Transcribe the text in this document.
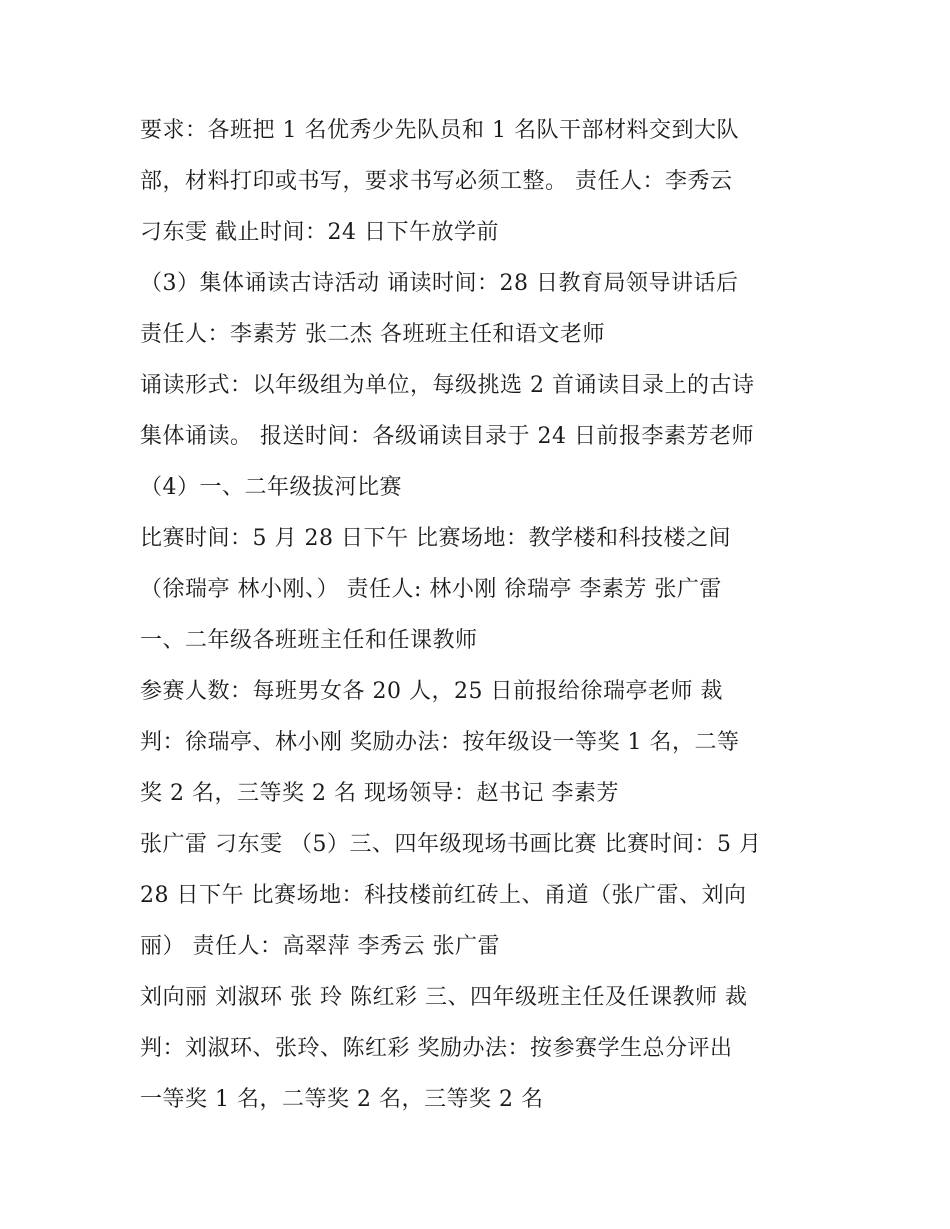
要求：各班把 1 名优秀少先队员和 1 名队干部材料交到大队
部，材料打印或书写，要求书写必须工整。 责任人：李秀云
刁东雯 截止时间：24 日下午放学前
（3）集体诵读古诗活动 诵读时间：28 日教育局领导讲话后
责任人：李素芳 张二杰 各班班主任和语文老师
诵读形式：以年级组为单位，每级挑选 2 首诵读目录上的古诗
集体诵读。 报送时间：各级诵读目录于 24 日前报李素芳老师
（4）一、二年级拔河比赛
比赛时间：5 月 28 日下午 比赛场地：教学楼和科技楼之间
（徐瑞亭 林小刚、） 责任人: 林小刚 徐瑞亭 李素芳 张广雷
一、二年级各班班主任和任课教师
参赛人数：每班男女各 20 人，25 日前报给徐瑞亭老师 裁
判：徐瑞亭、林小刚 奖励办法：按年级设一等奖 1 名，二等
奖 2 名，三等奖 2 名 现场领导：赵书记 李素芳
张广雷 刁东雯 （5）三、四年级现场书画比赛 比赛时间：5 月
28 日下午 比赛场地：科技楼前红砖上、甬道（张广雷、刘向
丽） 责任人：高翠萍 李秀云 张广雷
刘向丽 刘淑环 张 玲 陈红彩 三、四年级班主任及任课教师 裁
判：刘淑环、张玲、陈红彩 奖励办法：按参赛学生总分评出
一等奖 1 名，二等奖 2 名，三等奖 2 名
